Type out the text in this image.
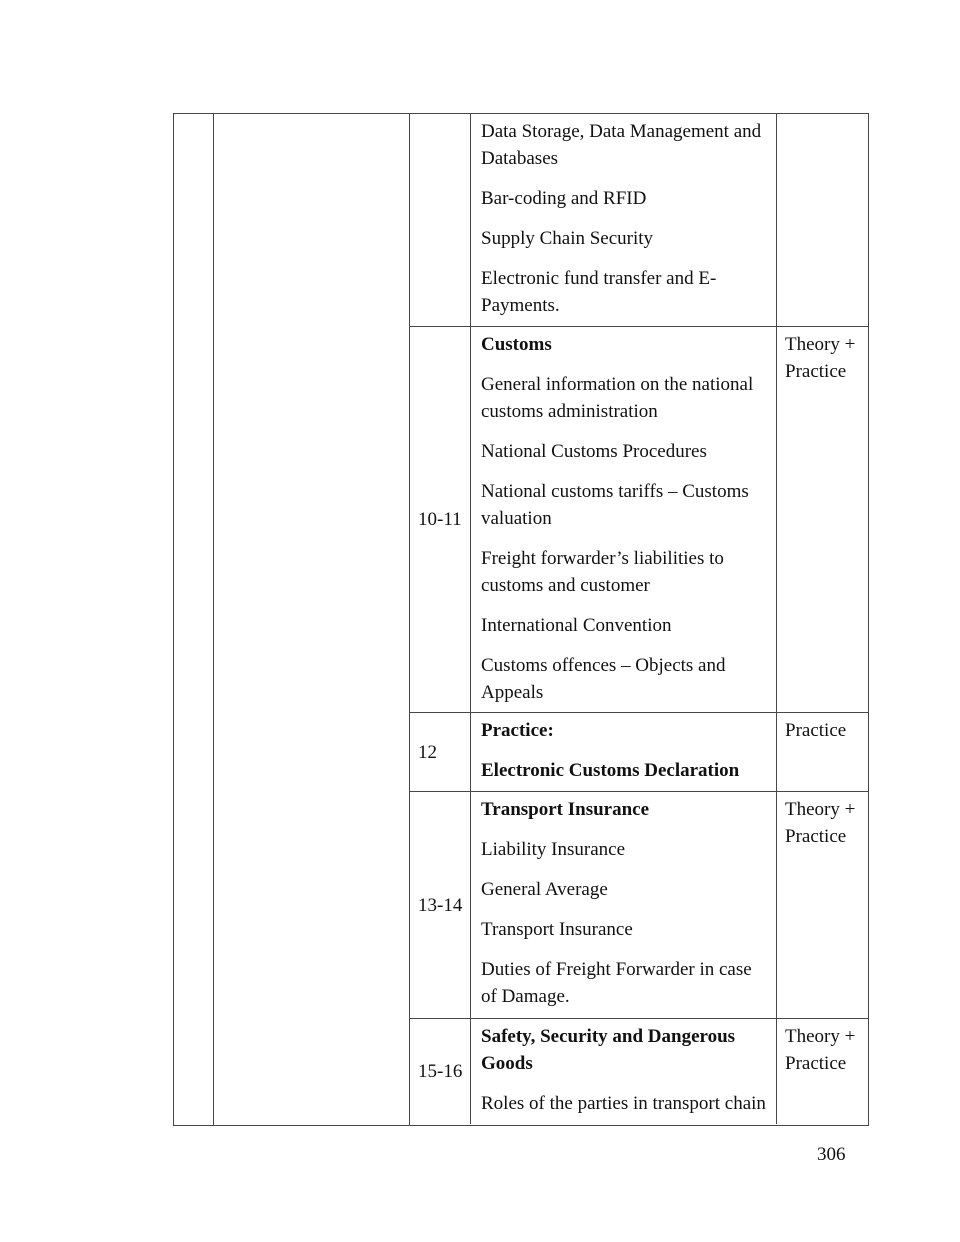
Data Storage, Data Management and Databases

Bar-coding and RFID

Supply Chain Security

Electronic fund transfer and E-Payments.

10-11

Customs

General information on the national customs administration

National Customs Procedures

National customs tariffs – Customs valuation

Freight forwarder’s liabilities to customs and customer

International Convention

Customs offences – Objects and Appeals

Theory + Practice

12

Practice:

Electronic Customs Declaration

Practice

13-14

Transport Insurance

Liability Insurance

General Average

Transport Insurance

Duties of Freight Forwarder in case of Damage.

Theory + Practice

15-16

Safety, Security and Dangerous Goods

Roles of the parties in transport chain

Theory + Practice

306
